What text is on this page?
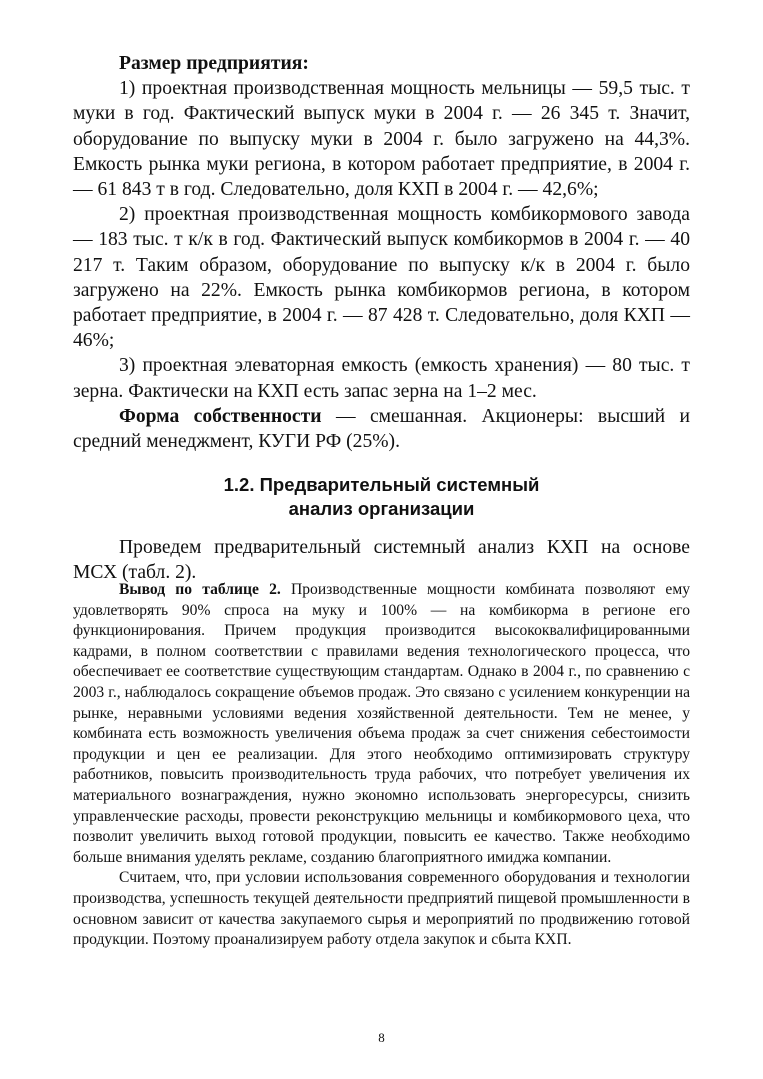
Размер предприятия:

1) проектная производственная мощность мельницы — 59,5 тыс. т муки в год. Фактический выпуск муки в 2004 г. — 26 345 т. Значит, оборудование по выпуску муки в 2004 г. было загружено на 44,3%. Емкость рынка муки региона, в котором работает предприятие, в 2004 г. — 61 843 т в год. Следовательно, доля КХП в 2004 г. — 42,6%;

2) проектная производственная мощность комбикормового завода — 183 тыс. т к/к в год. Фактический выпуск комбикормов в 2004 г. — 40 217 т. Таким образом, оборудование по выпуску к/к в 2004 г. было загружено на 22%. Емкость рынка комбикормов региона, в котором работает предприятие, в 2004 г. — 87 428 т. Следовательно, доля КХП — 46%;

3) проектная элеваторная емкость (емкость хранения) — 80 тыс. т зерна. Фактически на КХП есть запас зерна на 1–2 мес.

Форма собственности — смешанная. Акционеры: высший и средний менеджмент, КУГИ РФ (25%).

1.2. Предварительный системный
анализ организации

Проведем предварительный системный анализ КХП на основе МСХ (табл. 2).

Вывод по таблице 2. Производственные мощности комбината позволяют ему удовлетворять 90% спроса на муку и 100% — на комбикорма в регионе его функционирования. Причем продукция производится высококвалифицированными кадрами, в полном соответствии с правилами ведения технологического процесса, что обеспечивает ее соответствие существующим стандартам. Однако в 2004 г., по сравнению с 2003 г., наблюдалось сокращение объемов продаж. Это связано с усилением конкуренции на рынке, неравными условиями ведения хозяйственной деятельности. Тем не менее, у комбината есть возможность увеличения объема продаж за счет снижения себестоимости продукции и цен ее реализации. Для этого необходимо оптимизировать структуру работников, повысить производительность труда рабочих, что потребует увеличения их материального вознаграждения, нужно экономно использовать энергоресурсы, снизить управленческие расходы, провести реконструкцию мельницы и комбикормового цеха, что позволит увеличить выход готовой продукции, повысить ее качество. Также необходимо больше внимания уделять рекламе, созданию благоприятного имиджа компании.

Считаем, что, при условии использования современного оборудования и технологии производства, успешность текущей деятельности предприятий пищевой промышленности в основном зависит от качества закупаемого сырья и мероприятий по продвижению готовой продукции. Поэтому проанализируем работу отдела закупок и сбыта КХП.

8
